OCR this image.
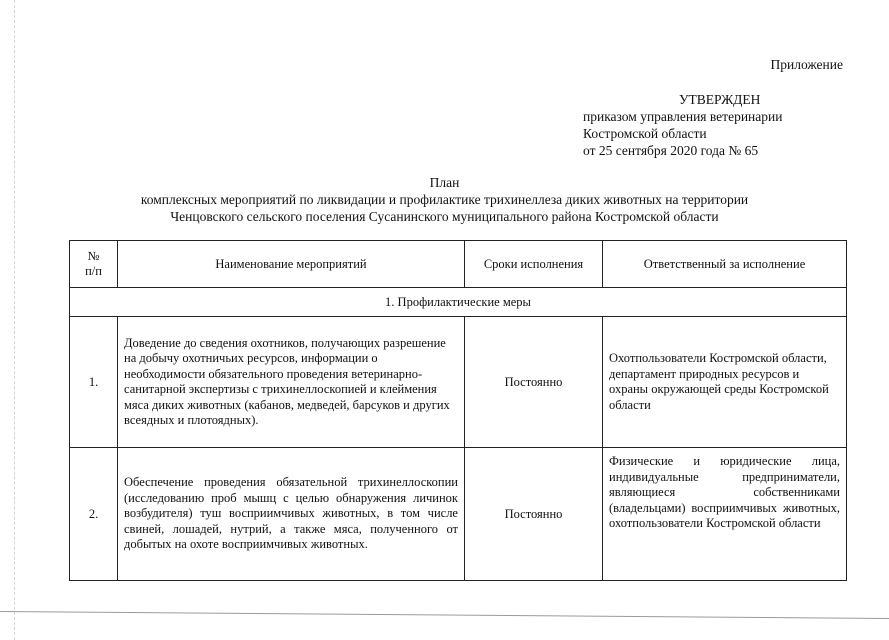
Приложение
УТВЕРЖДЕН
приказом управления ветеринарии
Костромской области
от 25 сентября 2020 года № 65
План
комплексных мероприятий по ликвидации и профилактике трихинеллеза диких животных на территории
Ченцовского сельского поселения Сусанинского муниципального района Костромской области
№
п/п	Наименование мероприятий	Сроки исполнения	Ответственный за исполнение
1. Профилактические меры			
1.	Доведение до сведения охотников, получающих разрешение на добычу охотничьих ресурсов, информации о необходимости обязательного проведения ветеринарно-санитарной экспертизы с трихинеллоскопией и клеймения мяса диких животных (кабанов, медведей, барсуков и других всеядных и плотоядных).	Постоянно	Охотпользователи Костромской области, департамент природных ресурсов и охраны окружающей среды Костромской области
2.	Обеспечение проведения обязательной трихинеллоскопии (исследованию проб мышц с целью обнаружения личинок возбудителя) туш восприимчивых животных, в том числе свиней, лошадей, нутрий, а также мяса, полученного от добытых на охоте восприимчивых животных.	Постоянно	Физические и юридические лица, индивидуальные предприниматели, являющиеся собственниками (владельцами) восприимчивых животных, охотпользователи Костромской области
